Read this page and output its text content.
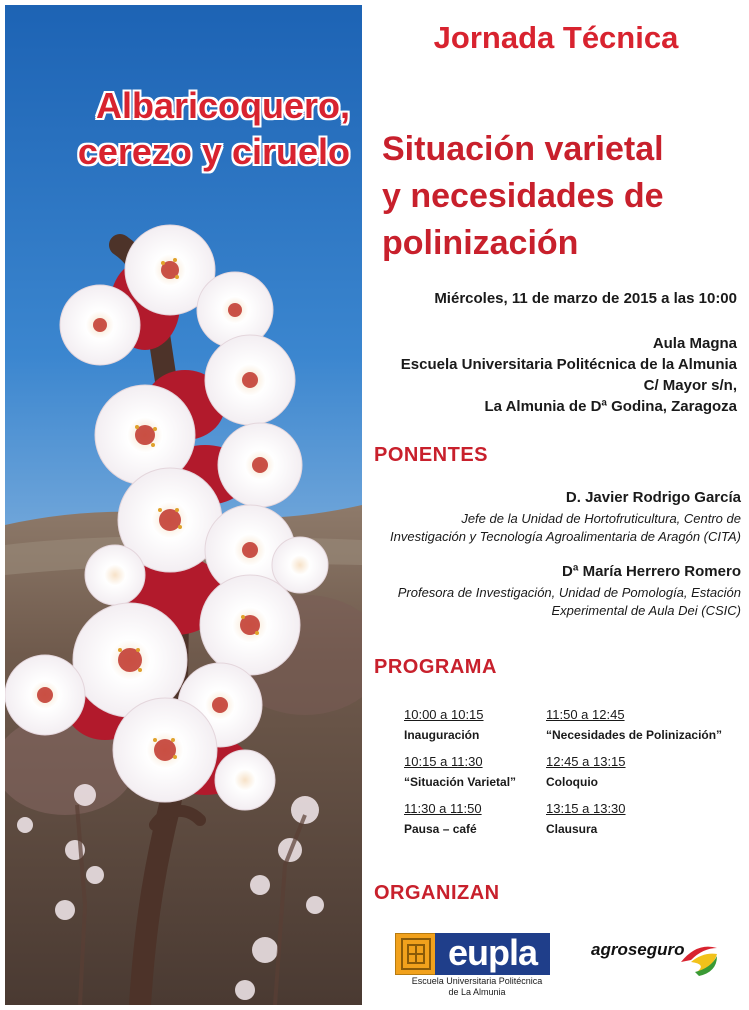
Albaricoquero,
cerezo y ciruelo
Jornada Técnica
Situación varietal
y necesidades de
polinización
Miércoles, 11 de marzo de 2015 a las 10:00
Aula Magna
Escuela Universitaria Politécnica de la Almunia
C/ Mayor s/n,
La Almunia de Dª Godina, Zaragoza
PONENTES
D. Javier Rodrigo García
Jefe de la Unidad de Hortofruticultura, Centro de
Investigación y Tecnología Agroalimentaria de Aragón (CITA)
Dª María Herrero Romero
Profesora de Investigación, Unidad de Pomología, Estación
Experimental de Aula Dei (CSIC)
PROGRAMA
10:00 a 10:15
Inauguración
10:15 a 11:30
“Situación Varietal”
11:30 a 11:50
Pausa – café
11:50 a 12:45
“Necesidades de Polinización”
12:45 a 13:15
Coloquio
13:15 a 13:30
Clausura
ORGANIZAN
eupla
Escuela Universitaria Politécnica
de La Almunia
agroseguro
